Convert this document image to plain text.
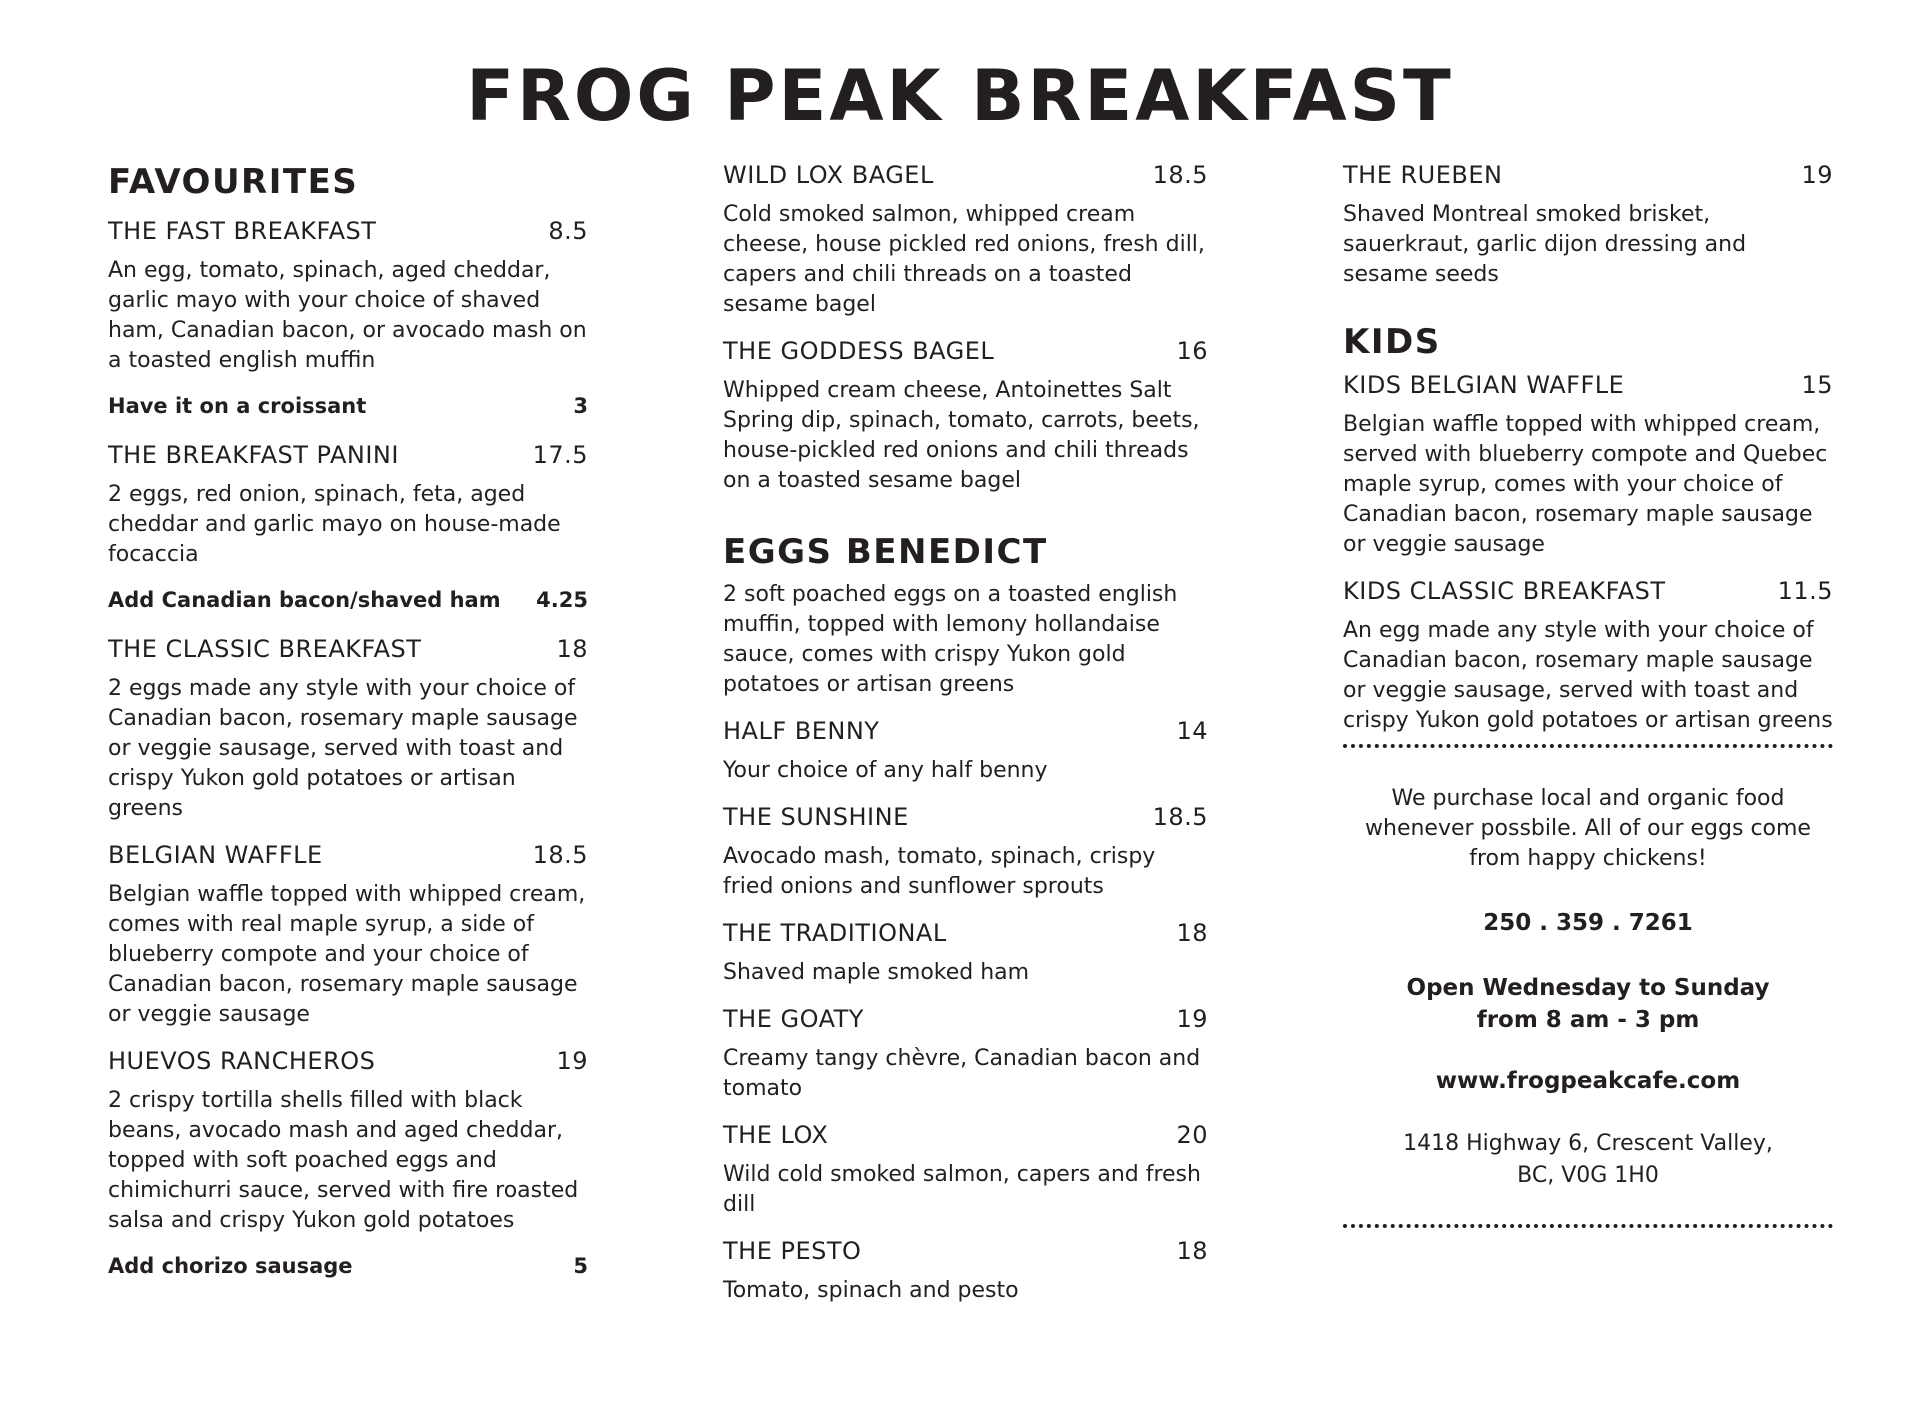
FROG PEAK BREAKFAST
FAVOURITES
THE FAST BREAKFAST	8.5
An egg, tomato, spinach, aged cheddar, garlic mayo with your choice of shaved ham, Canadian bacon, or avocado mash on a toasted english muffin
Have it on a croissant	3
THE BREAKFAST PANINI	17.5
2 eggs, red onion, spinach, feta, aged cheddar and garlic mayo on house-made focaccia
Add Canadian bacon/shaved ham 4.25
THE CLASSIC BREAKFAST	18
2 eggs made any style with your choice of Canadian bacon, rosemary maple sausage or veggie sausage, served with toast and crispy Yukon gold potatoes or artisan greens
BELGIAN WAFFLE	18.5
Belgian waffle topped with whipped cream, comes with real maple syrup, a side of blueberry compote and your choice of Canadian bacon, rosemary maple sausage or veggie sausage
HUEVOS RANCHEROS	19
2 crispy tortilla shells filled with black beans, avocado mash and aged cheddar, topped with soft poached eggs and chimichurri sauce, served with fire roasted salsa and crispy Yukon gold potatoes
Add chorizo sausage	5
WILD LOX BAGEL	18.5
Cold smoked salmon, whipped cream cheese, house pickled red onions, fresh dill, capers and chili threads on a toasted sesame bagel
THE GODDESS BAGEL	16
Whipped cream cheese, Antoinettes Salt Spring dip, spinach, tomato, carrots, beets, house-pickled red onions and chili threads on a toasted sesame bagel
EGGS BENEDICT
2 soft poached eggs on a toasted english muffin, topped with lemony hollandaise sauce, comes with crispy Yukon gold potatoes or artisan greens
HALF BENNY	14
Your choice of any half benny
THE SUNSHINE	18.5
Avocado mash, tomato, spinach, crispy fried onions and sunflower sprouts
THE TRADITIONAL	18
Shaved maple smoked ham
THE GOATY	19
Creamy tangy chèvre, Canadian bacon and tomato
THE LOX	20
Wild cold smoked salmon, capers and fresh dill
THE PESTO	18
Tomato, spinach and pesto
THE RUEBEN	19
Shaved Montreal smoked brisket, sauerkraut, garlic dijon dressing and sesame seeds
KIDS
KIDS BELGIAN WAFFLE	15
Belgian waffle topped with whipped cream, served with blueberry compote and Quebec maple syrup, comes with your choice of Canadian bacon, rosemary maple sausage or veggie sausage
KIDS CLASSIC BREAKFAST	11.5
An egg made any style with your choice of Canadian bacon, rosemary maple sausage or veggie sausage, served with toast and crispy Yukon gold potatoes or artisan greens
We purchase local and organic food whenever possbile. All of our eggs come from happy chickens!
250 . 359 . 7261
Open Wednesday to Sunday
from 8 am - 3 pm
www.frogpeakcafe.com
1418 Highway 6, Crescent Valley,
BC, V0G 1H0
